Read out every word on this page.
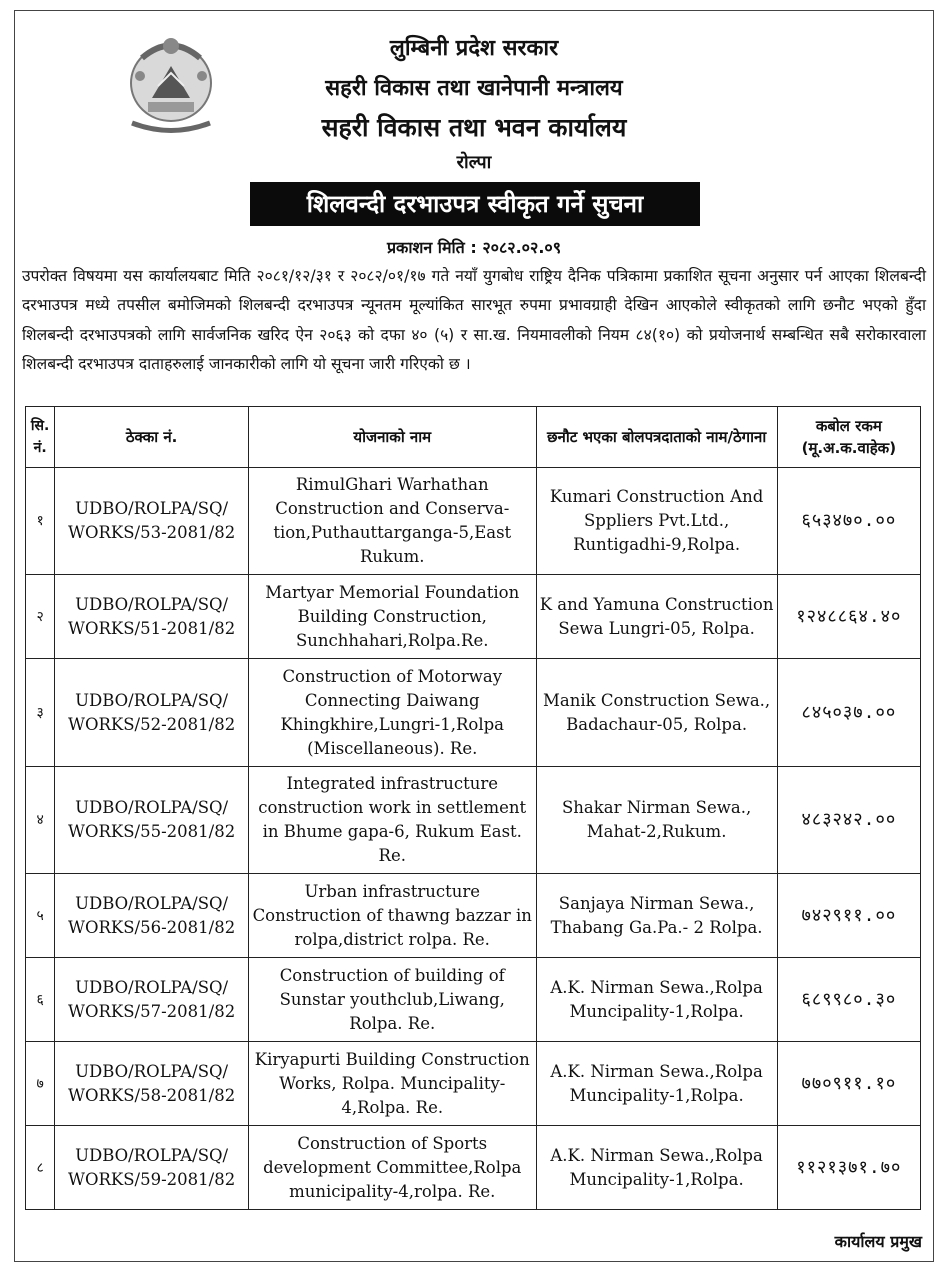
लुम्बिनी प्रदेश सरकार
सहरी विकास तथा खानेपानी मन्त्रालय
सहरी विकास तथा भवन कार्यालय
रोल्पा
शिलवन्दी दरभाउपत्र स्वीकृत गर्ने सुचना
प्रकाशन मिति : २०८२.०२.०९
उपरोक्त विषयमा यस कार्यालयबाट मिति २०८१/१२/३१ र २०८२/०१/१७ गते नयाँ युगबोध राष्ट्रिय दैनिक पत्रिकामा प्रकाशित सूचना अनुसार पर्न आएका शिलबन्दी दरभाउपत्र मध्ये तपसील बमोजिमको शिलबन्दी दरभाउपत्र न्यूनतम मूल्यांकित सारभूत रुपमा प्रभावग्राही देखिन आएकोले स्वीकृतको लागि छनौट भएको हुँदा शिलबन्दी दरभाउपत्रको लागि सार्वजनिक खरिद ऐन २०६३ को दफा ४० (५) र सा.ख. नियमावलीको नियम ८४(१०) को प्रयोजनार्थ सम्बन्धित सबै सरोकारवाला शिलबन्दी दरभाउपत्र दाताहरुलाई जानकारीको लागि यो सूचना जारी गरिएको छ ।
सि. नं.	ठेक्का नं.	योजनाको नाम	छनौट भएका बोलपत्रदाताको नाम/ठेगाना	कबोल रकम (मू.अ.क.वाहेक)
१	UDBO/ROLPA/SQ/ WORKS/53-2081/82	RimulGhari Warhathan Construction and Conserva-tion,Puthauttarganga-5,East Rukum.	Kumari Construction And Sppliers Pvt.Ltd., Runtigadhi-9,Rolpa.	६५३४७०.००
२	UDBO/ROLPA/SQ/ WORKS/51-2081/82	Martyar Memorial Foundation Building Construction, Sunchhahari,Rolpa.Re.	K and Yamuna Construction Sewa Lungri-05, Rolpa.	१२४८८६४.४०
३	UDBO/ROLPA/SQ/ WORKS/52-2081/82	Construction of Motorway Connecting Daiwang Khingkhire,Lungri-1,Rolpa (Miscellaneous). Re.	Manik Construction Sewa., Badachaur-05, Rolpa.	८४५०३७.००
४	UDBO/ROLPA/SQ/ WORKS/55-2081/82	Integrated infrastructure construction work in settlement in Bhume gapa-6, Rukum East. Re.	Shakar Nirman Sewa., Mahat-2,Rukum.	४८३२४२.००
५	UDBO/ROLPA/SQ/ WORKS/56-2081/82	Urban infrastructure Construction of thawng bazzar in rolpa,district rolpa. Re.	Sanjaya Nirman Sewa., Thabang Ga.Pa.- 2 Rolpa.	७४२९११.००
६	UDBO/ROLPA/SQ/ WORKS/57-2081/82	Construction of building of Sunstar youthclub,Liwang, Rolpa. Re.	A.K. Nirman Sewa.,Rolpa Muncipality-1,Rolpa.	६८९९८०.३०
७	UDBO/ROLPA/SQ/ WORKS/58-2081/82	Kiryapurti Building Construction Works, Rolpa. Muncipality-4,Rolpa. Re.	A.K. Nirman Sewa.,Rolpa Muncipality-1,Rolpa.	७७०९११.१०
८	UDBO/ROLPA/SQ/ WORKS/59-2081/82	Construction of Sports development Committee,Rolpa municipality-4,rolpa. Re.	A.K. Nirman Sewa.,Rolpa Muncipality-1,Rolpa.	११२१३७१.७०
कार्यालय प्रमुख
